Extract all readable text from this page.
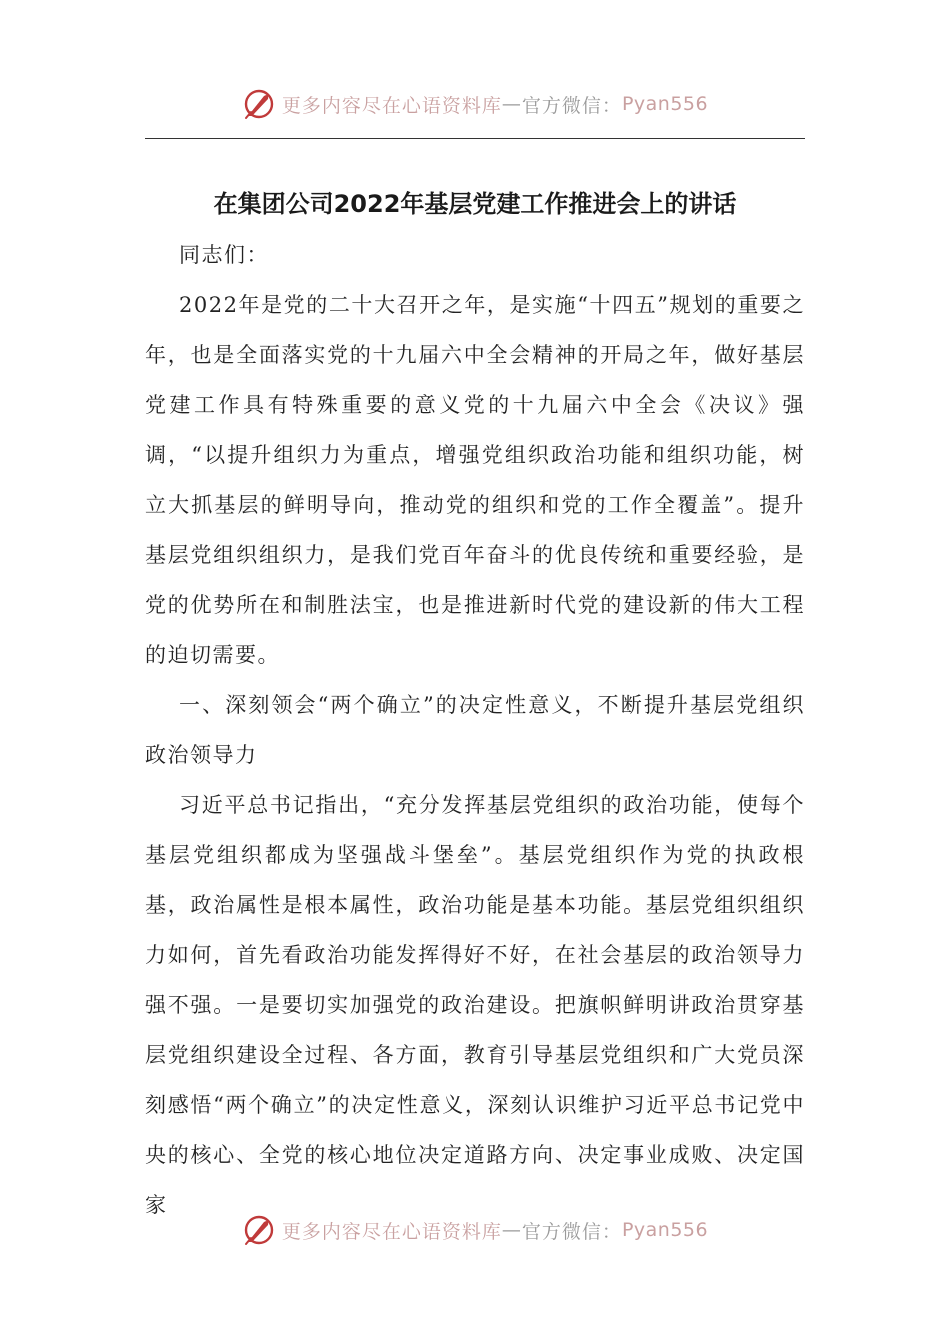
更多内容尽在心语资料库 — 官方微信： Pyan556
在集团公司2022年基层党建工作推进会上的讲话

同志们：

2022年是党的二十大召开之年，是实施“十四五”规划的重要之年，也是全面落实党的十九届六中全会精神的开局之年，做好基层党建工作具有特殊重要的意义党的十九届六中全会《决议》强调，“以提升组织力为重点，增强党组织政治功能和组织功能，树立大抓基层的鲜明导向，推动党的组织和党的工作全覆盖”。提升基层党组织组织力，是我们党百年奋斗的优良传统和重要经验，是党的优势所在和制胜法宝，也是推进新时代党的建设新的伟大工程的迫切需要。

一、深刻领会“两个确立”的决定性意义，不断提升基层党组织政治领导力

习近平总书记指出，“充分发挥基层党组织的政治功能，使每个基层党组织都成为坚强战斗堡垒”。基层党组织作为党的执政根基，政治属性是根本属性，政治功能是基本功能。基层党组织组织力如何，首先看政治功能发挥得好不好，在社会基层的政治领导力强不强。一是要切实加强党的政治建设。把旗帜鲜明讲政治贯穿基层党组织建设全过程、各方面，教育引导基层党组织和广大党员深刻感悟“两个确立”的决定性意义，深刻认识维护习近平总书记党中央的核心、全党的核心地位决定道路方向、决定事业成败、决定国家

更多内容尽在心语资料库 — 官方微信： Pyan556
